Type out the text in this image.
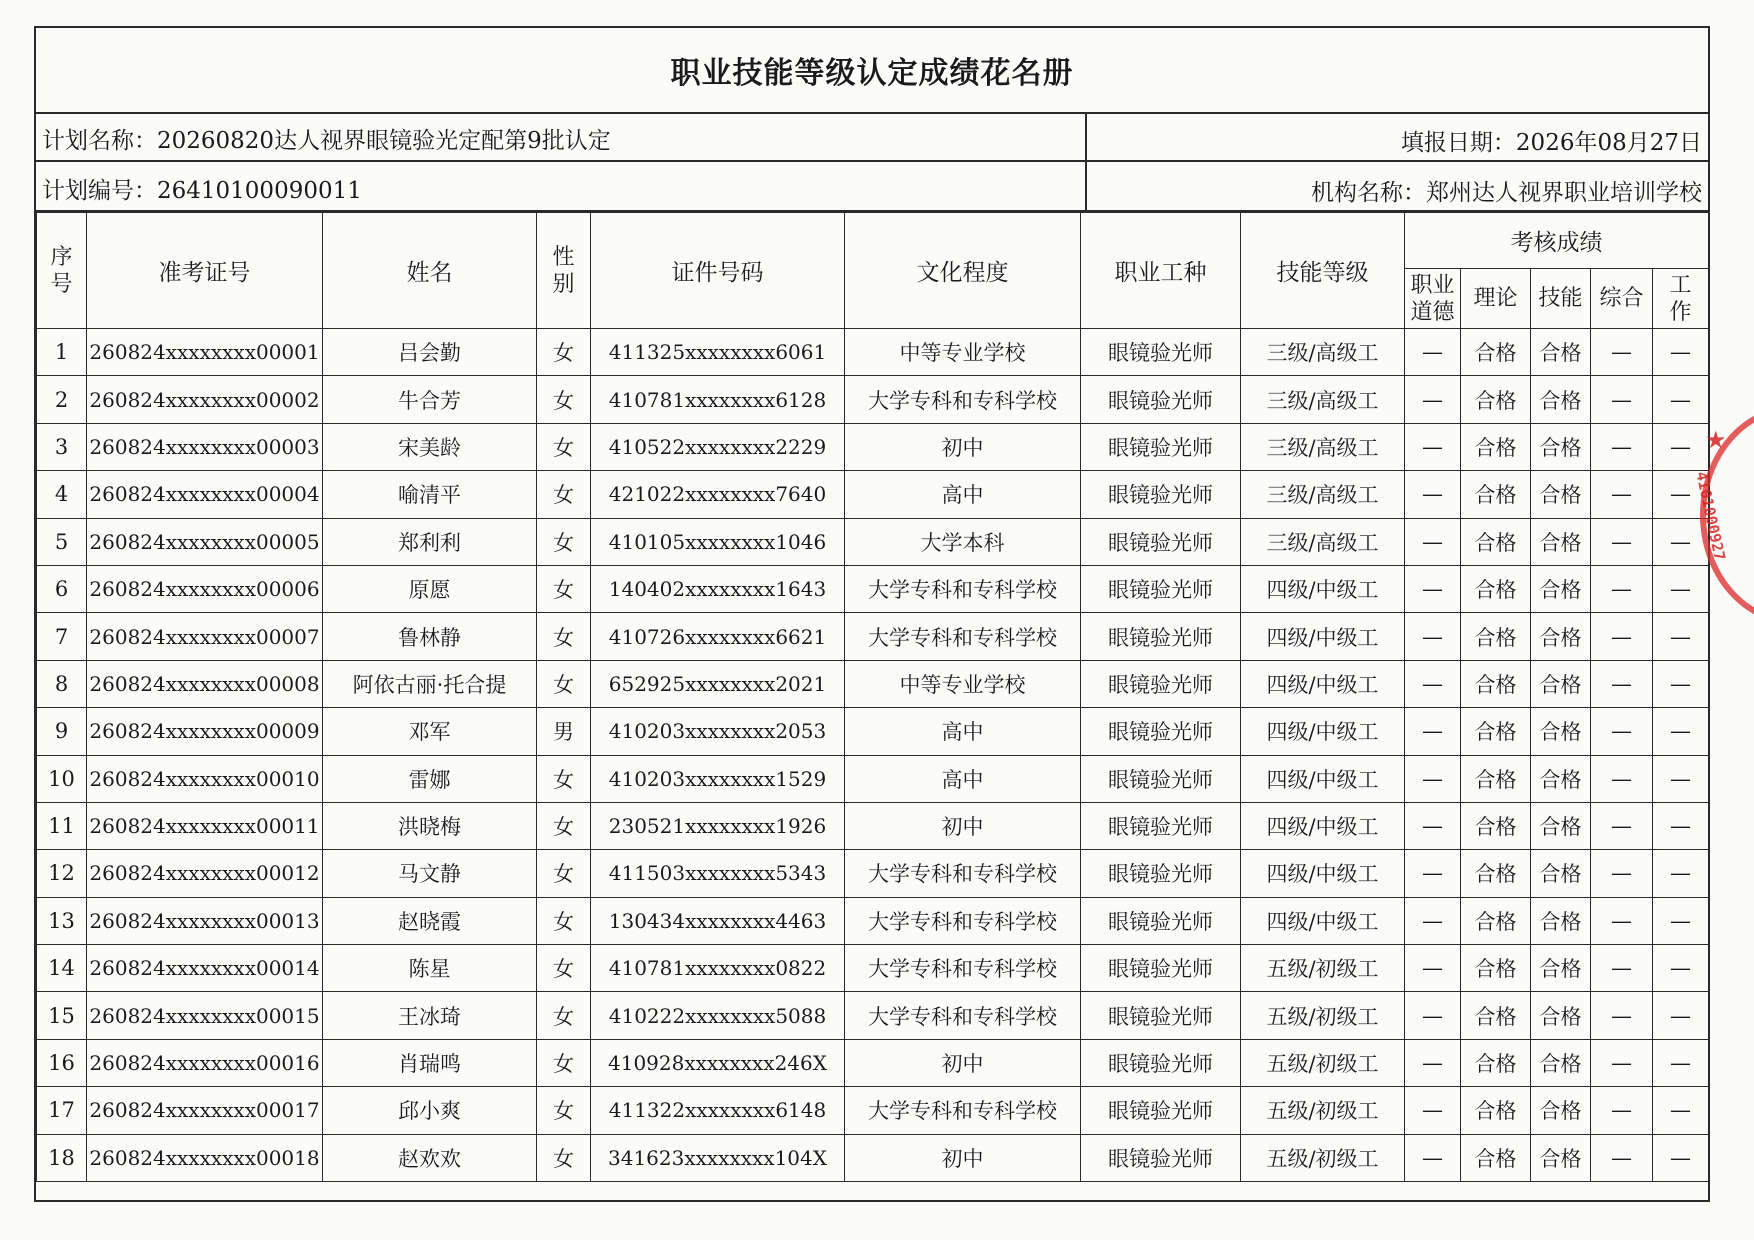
职业技能等级认定成绩花名册
计划名称：20260820达人视界眼镜验光定配第9批认定	填报日期：2026年08月27日
计划编号：26410100090011	机构名称：郑州达人视界职业培训学校
序号	准考证号	姓名	性别	证件号码	文化程度	职业工种	技能等级	考核成绩				
								职业道德	理论	技能	综合	工作
1	260824xxxxxxxx00001	吕会勤	女	411325xxxxxxxx6061	中等专业学校	眼镜验光师	三级/高级工	—	合格	合格	—	—
2	260824xxxxxxxx00002	牛合芳	女	410781xxxxxxxx6128	大学专科和专科学校	眼镜验光师	三级/高级工	—	合格	合格	—	—
3	260824xxxxxxxx00003	宋美龄	女	410522xxxxxxxx2229	初中	眼镜验光师	三级/高级工	—	合格	合格	—	—
4	260824xxxxxxxx00004	喻清平	女	421022xxxxxxxx7640	高中	眼镜验光师	三级/高级工	—	合格	合格	—	—
5	260824xxxxxxxx00005	郑利利	女	410105xxxxxxxx1046	大学本科	眼镜验光师	三级/高级工	—	合格	合格	—	—
6	260824xxxxxxxx00006	原愿	女	140402xxxxxxxx1643	大学专科和专科学校	眼镜验光师	四级/中级工	—	合格	合格	—	—
7	260824xxxxxxxx00007	鲁林静	女	410726xxxxxxxx6621	大学专科和专科学校	眼镜验光师	四级/中级工	—	合格	合格	—	—
8	260824xxxxxxxx00008	阿依古丽·托合提	女	652925xxxxxxxx2021	中等专业学校	眼镜验光师	四级/中级工	—	合格	合格	—	—
9	260824xxxxxxxx00009	邓军	男	410203xxxxxxxx2053	高中	眼镜验光师	四级/中级工	—	合格	合格	—	—
10	260824xxxxxxxx00010	雷娜	女	410203xxxxxxxx1529	高中	眼镜验光师	四级/中级工	—	合格	合格	—	—
11	260824xxxxxxxx00011	洪晓梅	女	230521xxxxxxxx1926	初中	眼镜验光师	四级/中级工	—	合格	合格	—	—
12	260824xxxxxxxx00012	马文静	女	411503xxxxxxxx5343	大学专科和专科学校	眼镜验光师	四级/中级工	—	合格	合格	—	—
13	260824xxxxxxxx00013	赵晓霞	女	130434xxxxxxxx4463	大学专科和专科学校	眼镜验光师	四级/中级工	—	合格	合格	—	—
14	260824xxxxxxxx00014	陈星	女	410781xxxxxxxx0822	大学专科和专科学校	眼镜验光师	五级/初级工	—	合格	合格	—	—
15	260824xxxxxxxx00015	王冰琦	女	410222xxxxxxxx5088	大学专科和专科学校	眼镜验光师	五级/初级工	—	合格	合格	—	—
16	260824xxxxxxxx00016	肖瑞鸣	女	410928xxxxxxxx246X	初中	眼镜验光师	五级/初级工	—	合格	合格	—	—
17	260824xxxxxxxx00017	邱小爽	女	411322xxxxxxxx6148	大学专科和专科学校	眼镜验光师	五级/初级工	—	合格	合格	—	—
18	260824xxxxxxxx00018	赵欢欢	女	341623xxxxxxxx104X	初中	眼镜验光师	五级/初级工	—	合格	合格	—	—
★
4101000927
